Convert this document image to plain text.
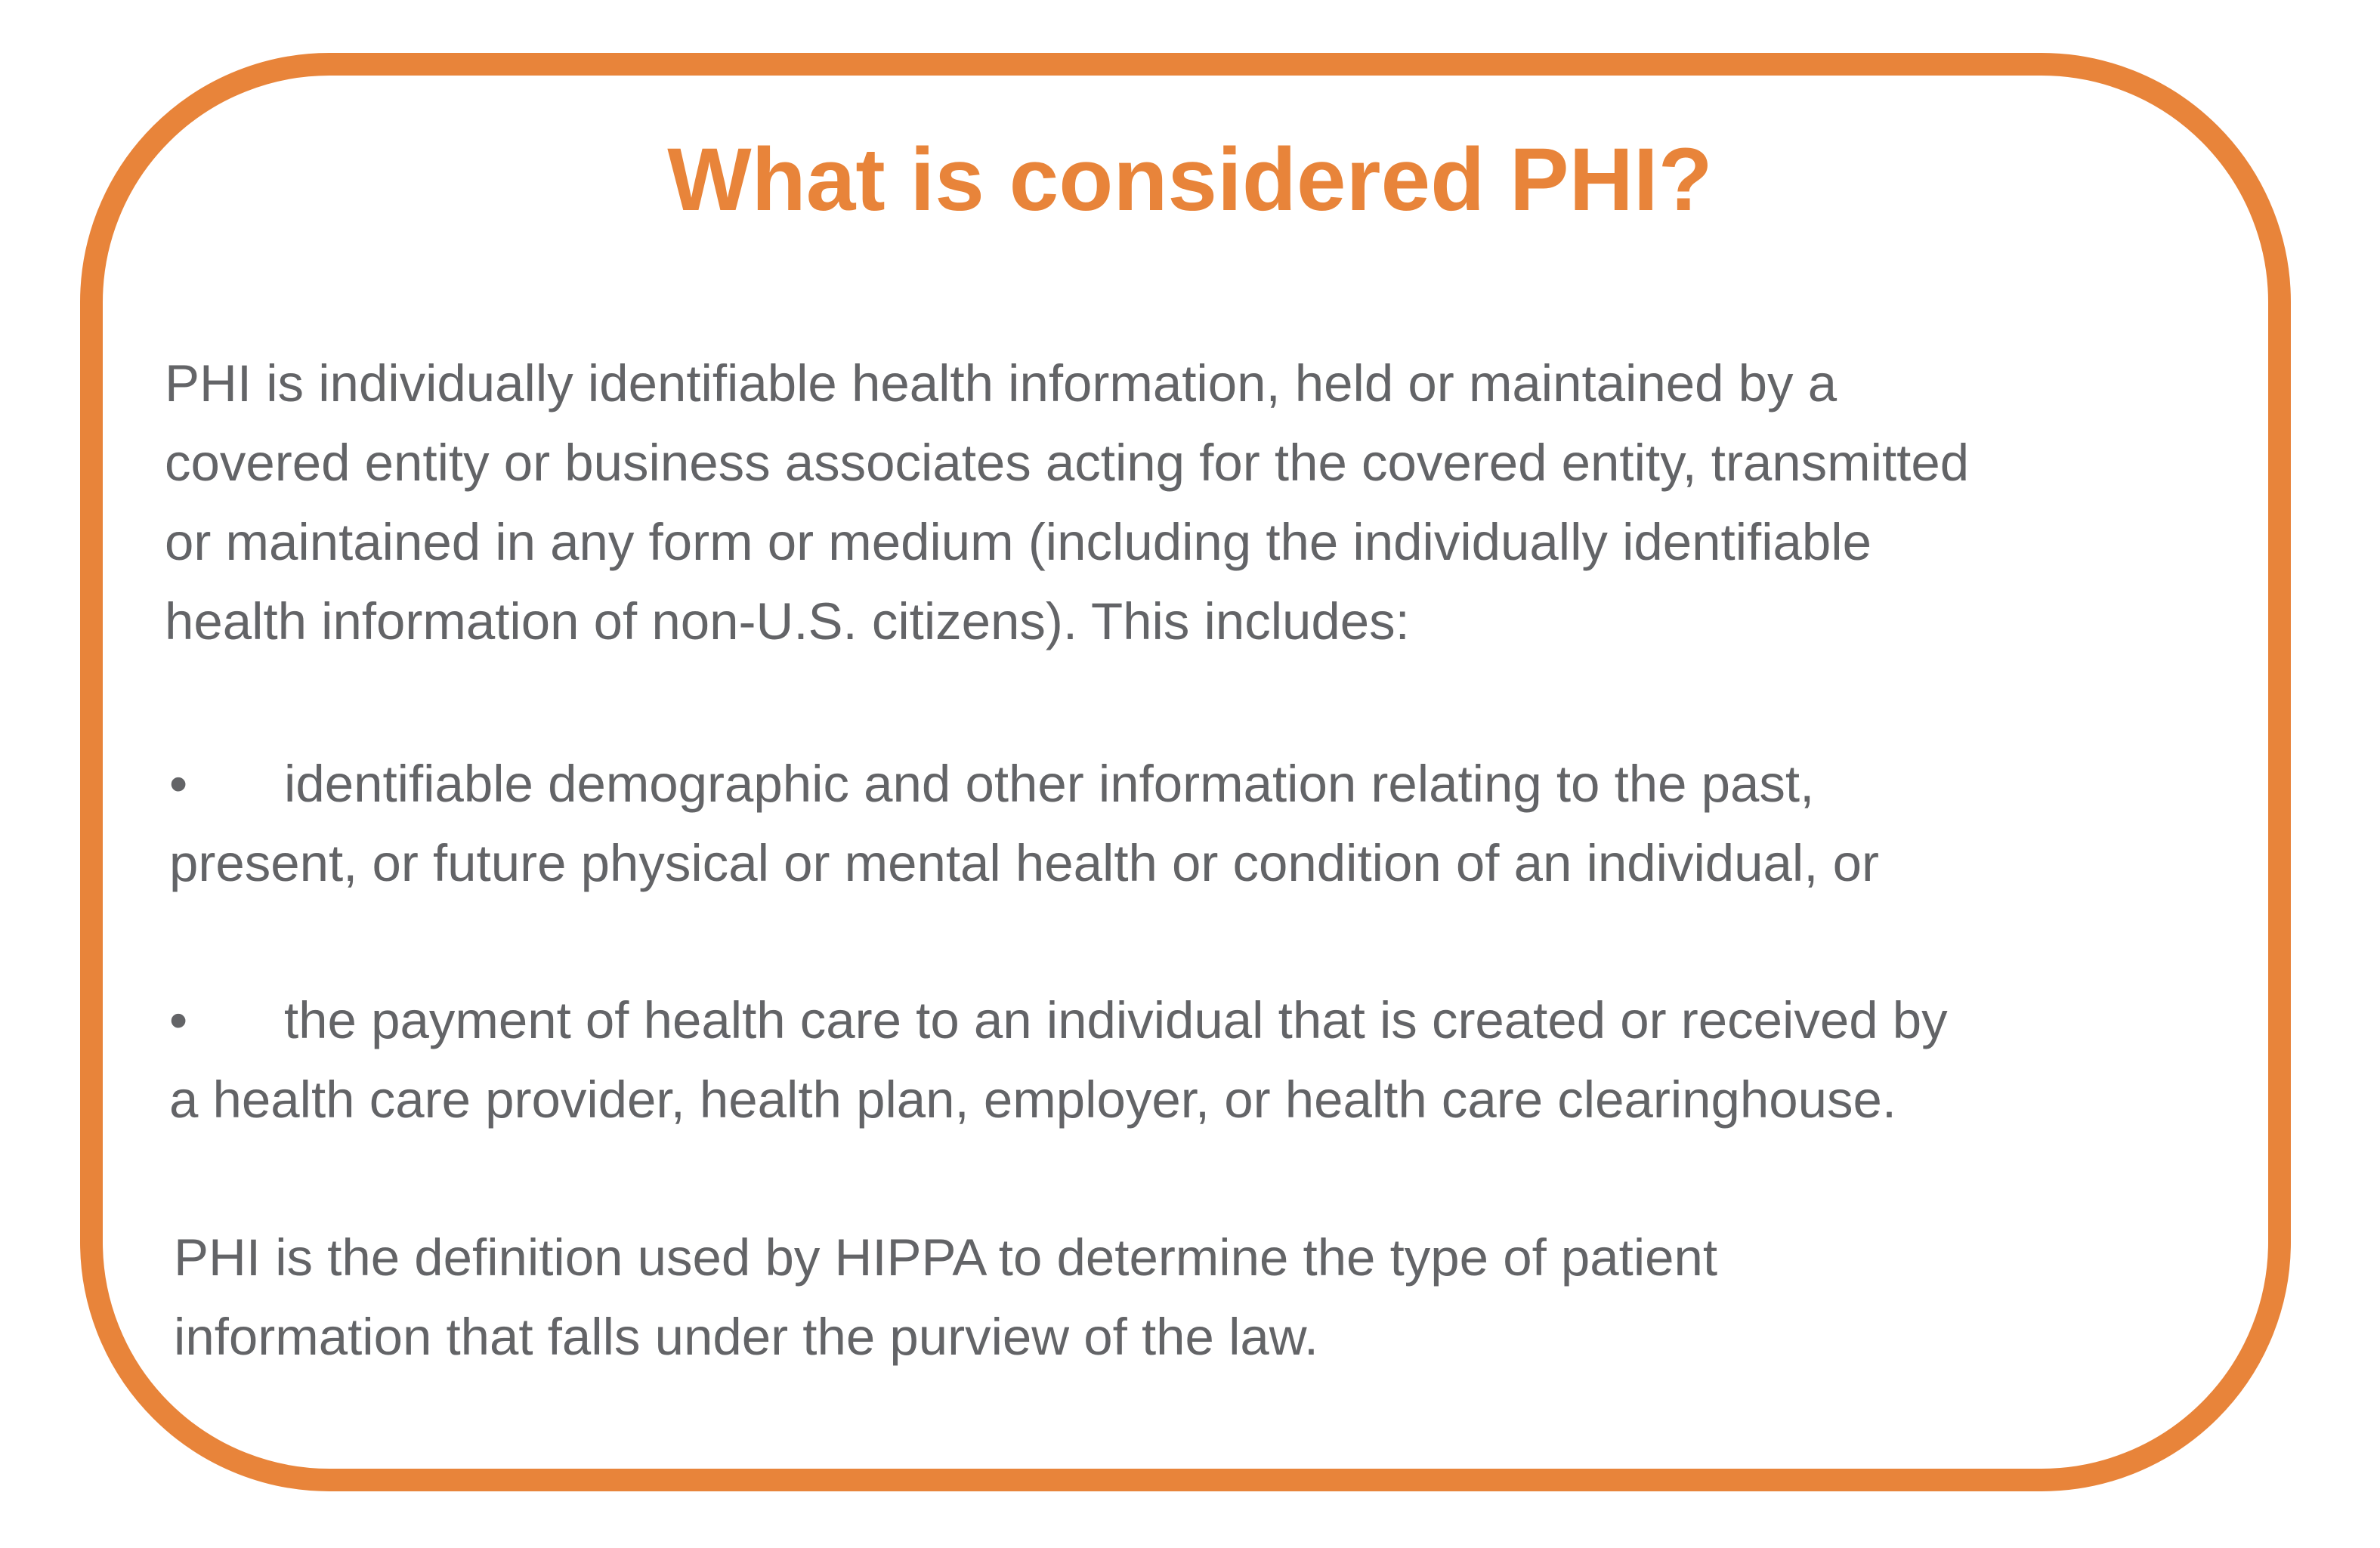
What is considered PHI?

PHI is individually identifiable health information, held or maintained by a
covered entity or business associates acting for the covered entity, transmitted
or maintained in any form or medium (including the individually identifiable
health information of non-U.S. citizens). This includes:

• identifiable demographic and other information relating to the past,
present, or future physical or mental health or condition of an individual, or

• the payment of health care to an individual that is created or received by
a health care provider, health plan, employer, or health care clearinghouse.

PHI is the definition used by HIPPA to determine the type of patient
information that falls under the purview of the law.
